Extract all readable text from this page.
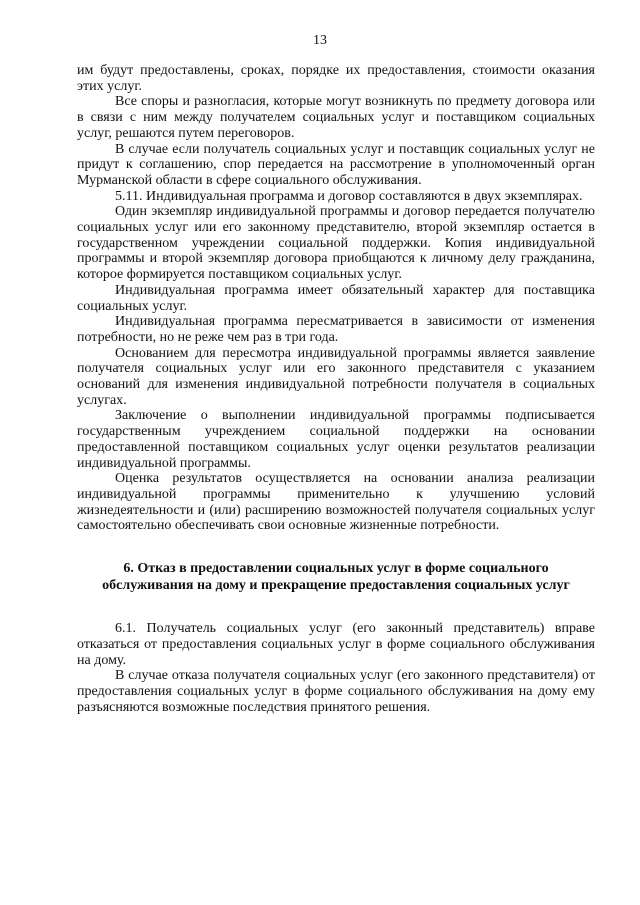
13

им будут предоставлены, сроках, порядке их предоставления, стоимости оказания этих услуг.

Все споры и разногласия, которые могут возникнуть по предмету договора или в связи с ним между получателем социальных услуг и поставщиком социальных услуг, решаются путем переговоров.

В случае если получатель социальных услуг и поставщик социальных услуг не придут к соглашению, спор передается на рассмотрение в уполномоченный орган Мурманской области в сфере социального обслуживания.

5.11. Индивидуальная программа и договор составляются в двух экземплярах.

Один экземпляр индивидуальной программы и договор передается получателю социальных услуг или его законному представителю, второй экземпляр остается в государственном учреждении социальной поддержки. Копия индивидуальной программы и второй экземпляр договора приобщаются к личному делу гражданина, которое формируется поставщиком социальных услуг.

Индивидуальная программа имеет обязательный характер для поставщика социальных услуг.

Индивидуальная программа пересматривается в зависимости от изменения потребности, но не реже чем раз в три года.

Основанием для пересмотра индивидуальной программы является заявление получателя социальных услуг или его законного представителя с указанием оснований для изменения индивидуальной потребности получателя в социальных услугах.

Заключение о выполнении индивидуальной программы подписывается государственным учреждением социальной поддержки на основании предоставленной поставщиком социальных услуг оценки результатов реализации индивидуальной программы.

Оценка результатов осуществляется на основании анализа реализации индивидуальной программы применительно к улучшению условий жизнедеятельности и (или) расширению возможностей получателя социальных услуг самостоятельно обеспечивать свои основные жизненные потребности.

6. Отказ в предоставлении социальных услуг в форме социального обслуживания на дому и прекращение предоставления социальных услуг

6.1. Получатель социальных услуг (его законный представитель) вправе отказаться от предоставления социальных услуг в форме социального обслуживания на дому.

В случае отказа получателя социальных услуг (его законного представителя) от предоставления социальных услуг в форме социального обслуживания на дому ему разъясняются возможные последствия принятого решения.
